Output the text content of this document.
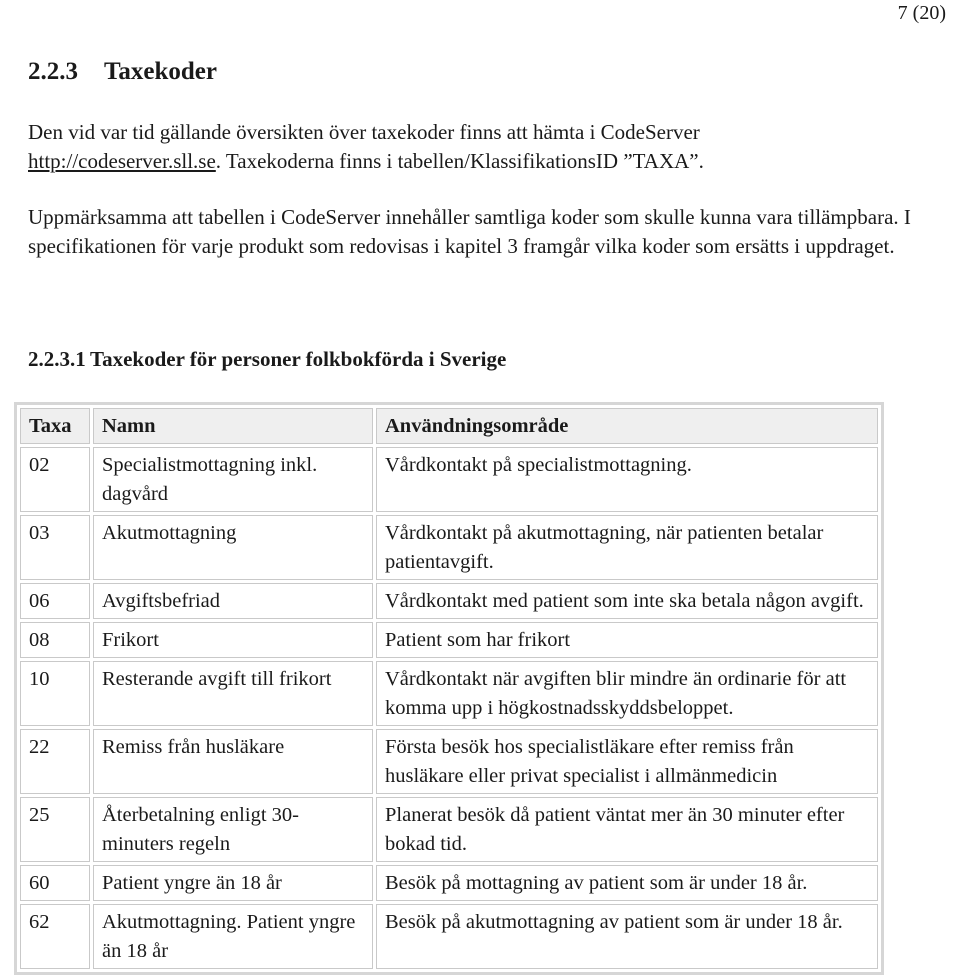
7 (20)
2.2.3 Taxekoder

Den vid var tid gällande översikten över taxekoder finns att hämta i CodeServer
http://codeserver.sll.se. Taxekoderna finns i tabellen/KlassifikationsID ”TAXA”.

Uppmärksamma att tabellen i CodeServer innehåller samtliga koder som skulle kunna vara tillämpbara. I specifikationen för varje produkt som redovisas i kapitel 3 framgår vilka koder som ersätts i uppdraget.

2.2.3.1 Taxekoder för personer folkbokförda i Sverige
Taxa	Namn	Användningsområde
02	Specialistmottagning inkl. dagvård	Vårdkontakt på specialistmottagning.
03	Akutmottagning	Vårdkontakt på akutmottagning, när patienten betalar patientavgift.
06	Avgiftsbefriad	Vårdkontakt med patient som inte ska betala någon avgift.
08	Frikort	Patient som har frikort
10	Resterande avgift till frikort	Vårdkontakt när avgiften blir mindre än ordinarie för att komma upp i högkostnadsskyddsbeloppet.
22	Remiss från husläkare	Första besök hos specialistläkare efter remiss från husläkare eller privat specialist i allmänmedicin
25	Återbetalning enligt 30-minuters regeln	Planerat besök då patient väntat mer än 30 minuter efter bokad tid.
60	Patient yngre än 18 år	Besök på mottagning av patient som är under 18 år.
62	Akutmottagning. Patient yngre än 18 år	Besök på akutmottagning av patient som är under 18 år.
